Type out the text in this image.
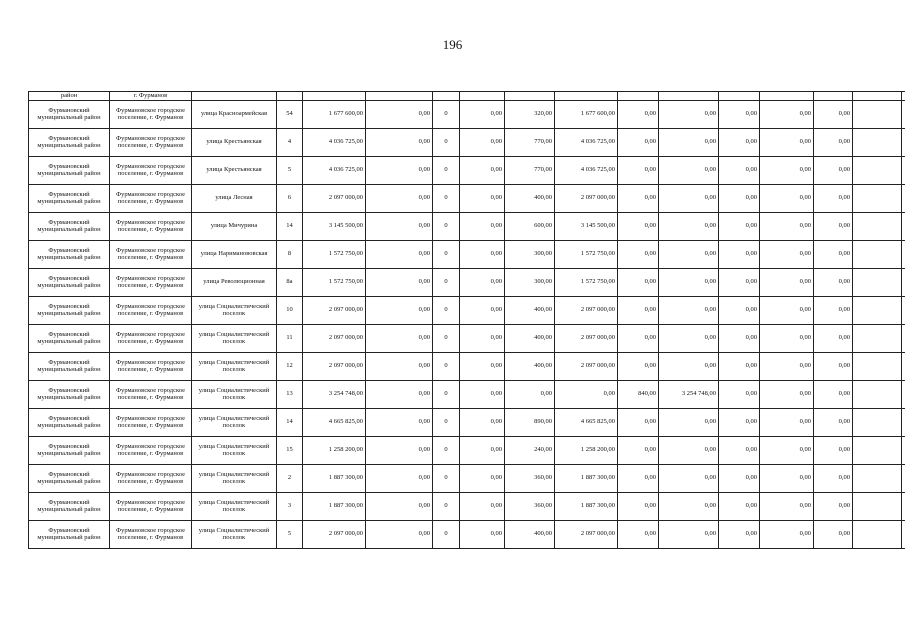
196
район	г. Фурманов															
Фурмановский муниципальный район	Фурмановское городское поселение, г. Фурманов	улица Красноармейская	54	1 677 600,00	0,00	0	0,00	320,00	1 677 600,00	0,00	0,00	0,00	0,00	0,00		
Фурмановский муниципальный район	Фурмановское городское поселение, г. Фурманов	улица Крестьянская	4	4 036 725,00	0,00	0	0,00	770,00	4 036 725,00	0,00	0,00	0,00	0,00	0,00		
Фурмановский муниципальный район	Фурмановское городское поселение, г. Фурманов	улица Крестьянская	5	4 036 725,00	0,00	0	0,00	770,00	4 036 725,00	0,00	0,00	0,00	0,00	0,00		
Фурмановский муниципальный район	Фурмановское городское поселение, г. Фурманов	улица Лесная	6	2 097 000,00	0,00	0	0,00	400,00	2 097 000,00	0,00	0,00	0,00	0,00	0,00		
Фурмановский муниципальный район	Фурмановское городское поселение, г. Фурманов	улица Мичурина	14	3 145 500,00	0,00	0	0,00	600,00	3 145 500,00	0,00	0,00	0,00	0,00	0,00		
Фурмановский муниципальный район	Фурмановское городское поселение, г. Фурманов	улица Нариманововская	8	1 572 750,00	0,00	0	0,00	300,00	1 572 750,00	0,00	0,00	0,00	0,00	0,00		
Фурмановский муниципальный район	Фурмановское городское поселение, г. Фурманов	улица Революционная	8а	1 572 750,00	0,00	0	0,00	300,00	1 572 750,00	0,00	0,00	0,00	0,00	0,00		
Фурмановский муниципальный район	Фурмановское городское поселение, г. Фурманов	улица Социалистический поселок	10	2 097 000,00	0,00	0	0,00	400,00	2 097 000,00	0,00	0,00	0,00	0,00	0,00		
Фурмановский муниципальный район	Фурмановское городское поселение, г. Фурманов	улица Социалистический поселок	11	2 097 000,00	0,00	0	0,00	400,00	2 097 000,00	0,00	0,00	0,00	0,00	0,00		
Фурмановский муниципальный район	Фурмановское городское поселение, г. Фурманов	улица Социалистический поселок	12	2 097 000,00	0,00	0	0,00	400,00	2 097 000,00	0,00	0,00	0,00	0,00	0,00		
Фурмановский муниципальный район	Фурмановское городское поселение, г. Фурманов	улица Социалистический поселок	13	3 254 748,00	0,00	0	0,00	0,00	0,00	840,00	3 254 748,00	0,00	0,00	0,00		
Фурмановский муниципальный район	Фурмановское городское поселение, г. Фурманов	улица Социалистический поселок	14	4 665 825,00	0,00	0	0,00	890,00	4 665 825,00	0,00	0,00	0,00	0,00	0,00		
Фурмановский муниципальный район	Фурмановское городское поселение, г. Фурманов	улица Социалистический поселок	15	1 258 200,00	0,00	0	0,00	240,00	1 258 200,00	0,00	0,00	0,00	0,00	0,00		
Фурмановский муниципальный район	Фурмановское городское поселение, г. Фурманов	улица Социалистический поселок	2	1 887 300,00	0,00	0	0,00	360,00	1 887 300,00	0,00	0,00	0,00	0,00	0,00		
Фурмановский муниципальный район	Фурмановское городское поселение, г. Фурманов	улица Социалистический поселок	3	1 887 300,00	0,00	0	0,00	360,00	1 887 300,00	0,00	0,00	0,00	0,00	0,00		
Фурмановский муниципальный район	Фурмановское городское поселение, г. Фурманов	улица Социалистический поселок	5	2 097 000,00	0,00	0	0,00	400,00	2 097 000,00	0,00	0,00	0,00	0,00	0,00		
